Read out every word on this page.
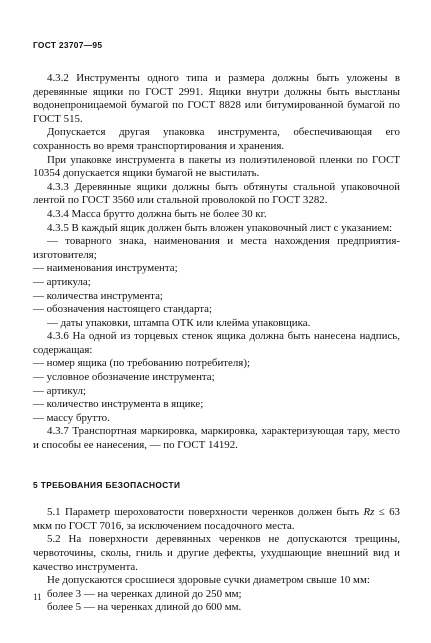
ГОСТ 23707—95

4.3.2 Инструменты одного типа и размера должны быть уложены в деревянные ящики по ГОСТ 2991. Ящики внутри должны быть выстланы водонепроницаемой бумагой по ГОСТ 8828 или битумированной бумагой по ГОСТ 515.

Допускается другая упаковка инструмента, обеспечивающая его сохранность во время транспортирования и хранения.

При упаковке инструмента в пакеты из полиэтиленовой пленки по ГОСТ 10354 допускается ящики бумагой не выстилать.

4.3.3 Деревянные ящики должны быть обтянуты стальной упаковочной лентой по ГОСТ 3560 или стальной проволокой по ГОСТ 3282.

4.3.4 Масса брутто должна быть не более 30 кг.

4.3.5 В каждый ящик должен быть вложен упаковочный лист с указанием:

— товарного знака, наименования и места нахождения предприятия-изготовителя;

— наименования инструмента;
— артикула;
— количества инструмента;
— обозначения настоящего стандарта;

— даты упаковки, штампа ОТК или клейма упаковщика.

4.3.6 На одной из торцевых стенок ящика должна быть нанесена надпись, содержащая:

— номер ящика (по требованию потребителя);
— условное обозначение инструмента;
— артикул;
— количество инструмента в ящике;
— массу брутто.

4.3.7 Транспортная маркировка, маркировка, характеризующая тару, место и способы ее нанесения, — по ГОСТ 14192.

5 ТРЕБОВАНИЯ БЕЗОПАСНОСТИ

5.1 Параметр шероховатости поверхности черенков должен быть Rz ≤ 63 мкм по ГОСТ 7016, за исключением посадочного места.

5.2 На поверхности деревянных черенков не допускаются трещины, червоточины, сколы, гниль и другие дефекты, ухудшающие внешний вид и качество инструмента.

Не допускаются сросшиеся здоровые сучки диаметром свыше 10 мм:

более 3 — на черенках длиной до 250 мм;

более 5 — на черенках длиной до 600 мм.

11
